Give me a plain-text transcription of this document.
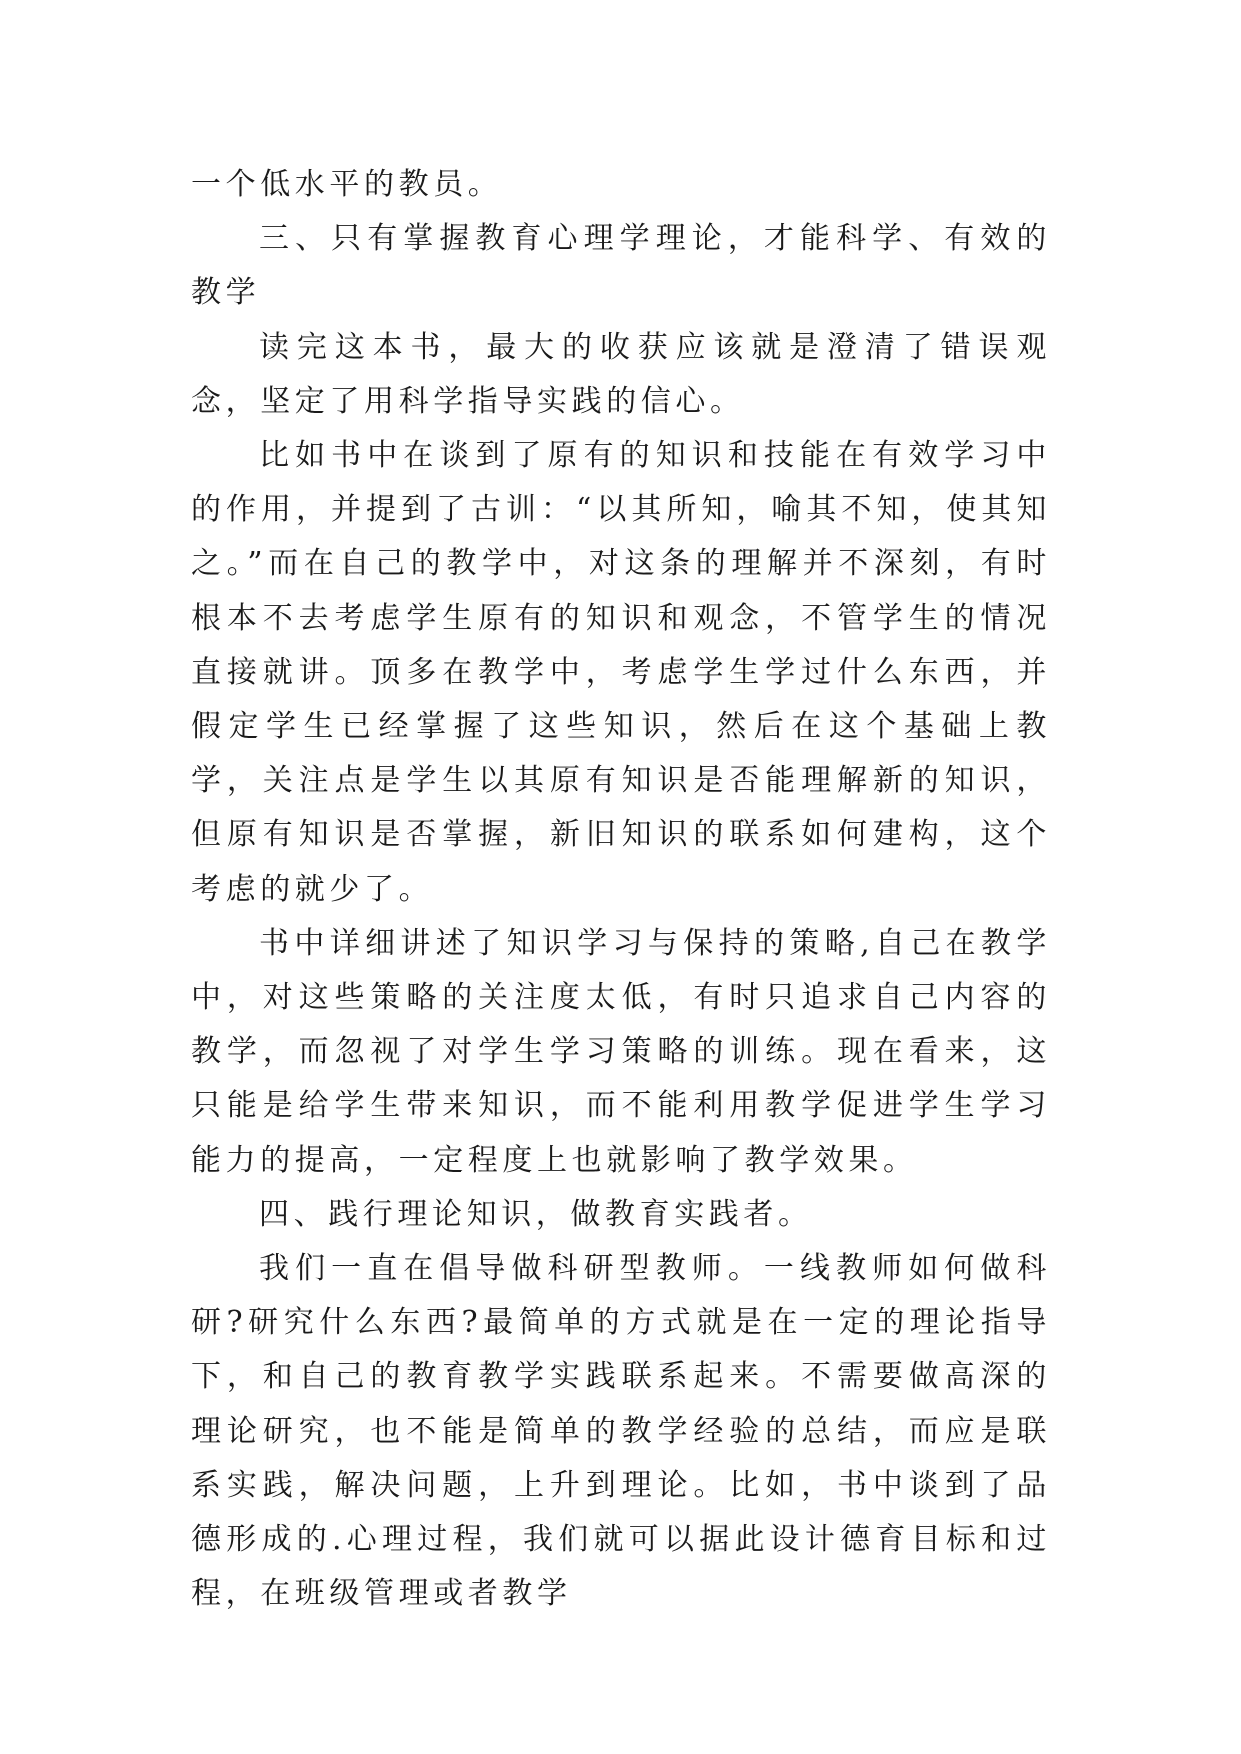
一个低水平的教员。

三、只有掌握教育心理学理论，才能科学、有效的教学

读完这本书，最大的收获应该就是澄清了错误观念，坚定了用科学指导实践的信心。

比如书中在谈到了原有的知识和技能在有效学习中的作用，并提到了古训：“以其所知，喻其不知，使其知之。”而在自己的教学中，对这条的理解并不深刻，有时根本不去考虑学生原有的知识和观念，不管学生的情况直接就讲。顶多在教学中，考虑学生学过什么东西，并假定学生已经掌握了这些知识，然后在这个基础上教学，关注点是学生以其原有知识是否能理解新的知识，但原有知识是否掌握，新旧知识的联系如何建构，这个考虑的就少了。

书中详细讲述了知识学习与保持的策略,自己在教学中，对这些策略的关注度太低，有时只追求自己内容的教学，而忽视了对学生学习策略的训练。现在看来，这只能是给学生带来知识，而不能利用教学促进学生学习能力的提高，一定程度上也就影响了教学效果。

四、践行理论知识，做教育实践者。

我们一直在倡导做科研型教师。一线教师如何做科研?研究什么东西?最简单的方式就是在一定的理论指导下，和自己的教育教学实践联系起来。不需要做高深的理论研究，也不能是简单的教学经验的总结，而应是联系实践，解决问题，上升到理论。比如，书中谈到了品德形成的.心理过程，我们就可以据此设计德育目标和过程，在班级管理或者教学
